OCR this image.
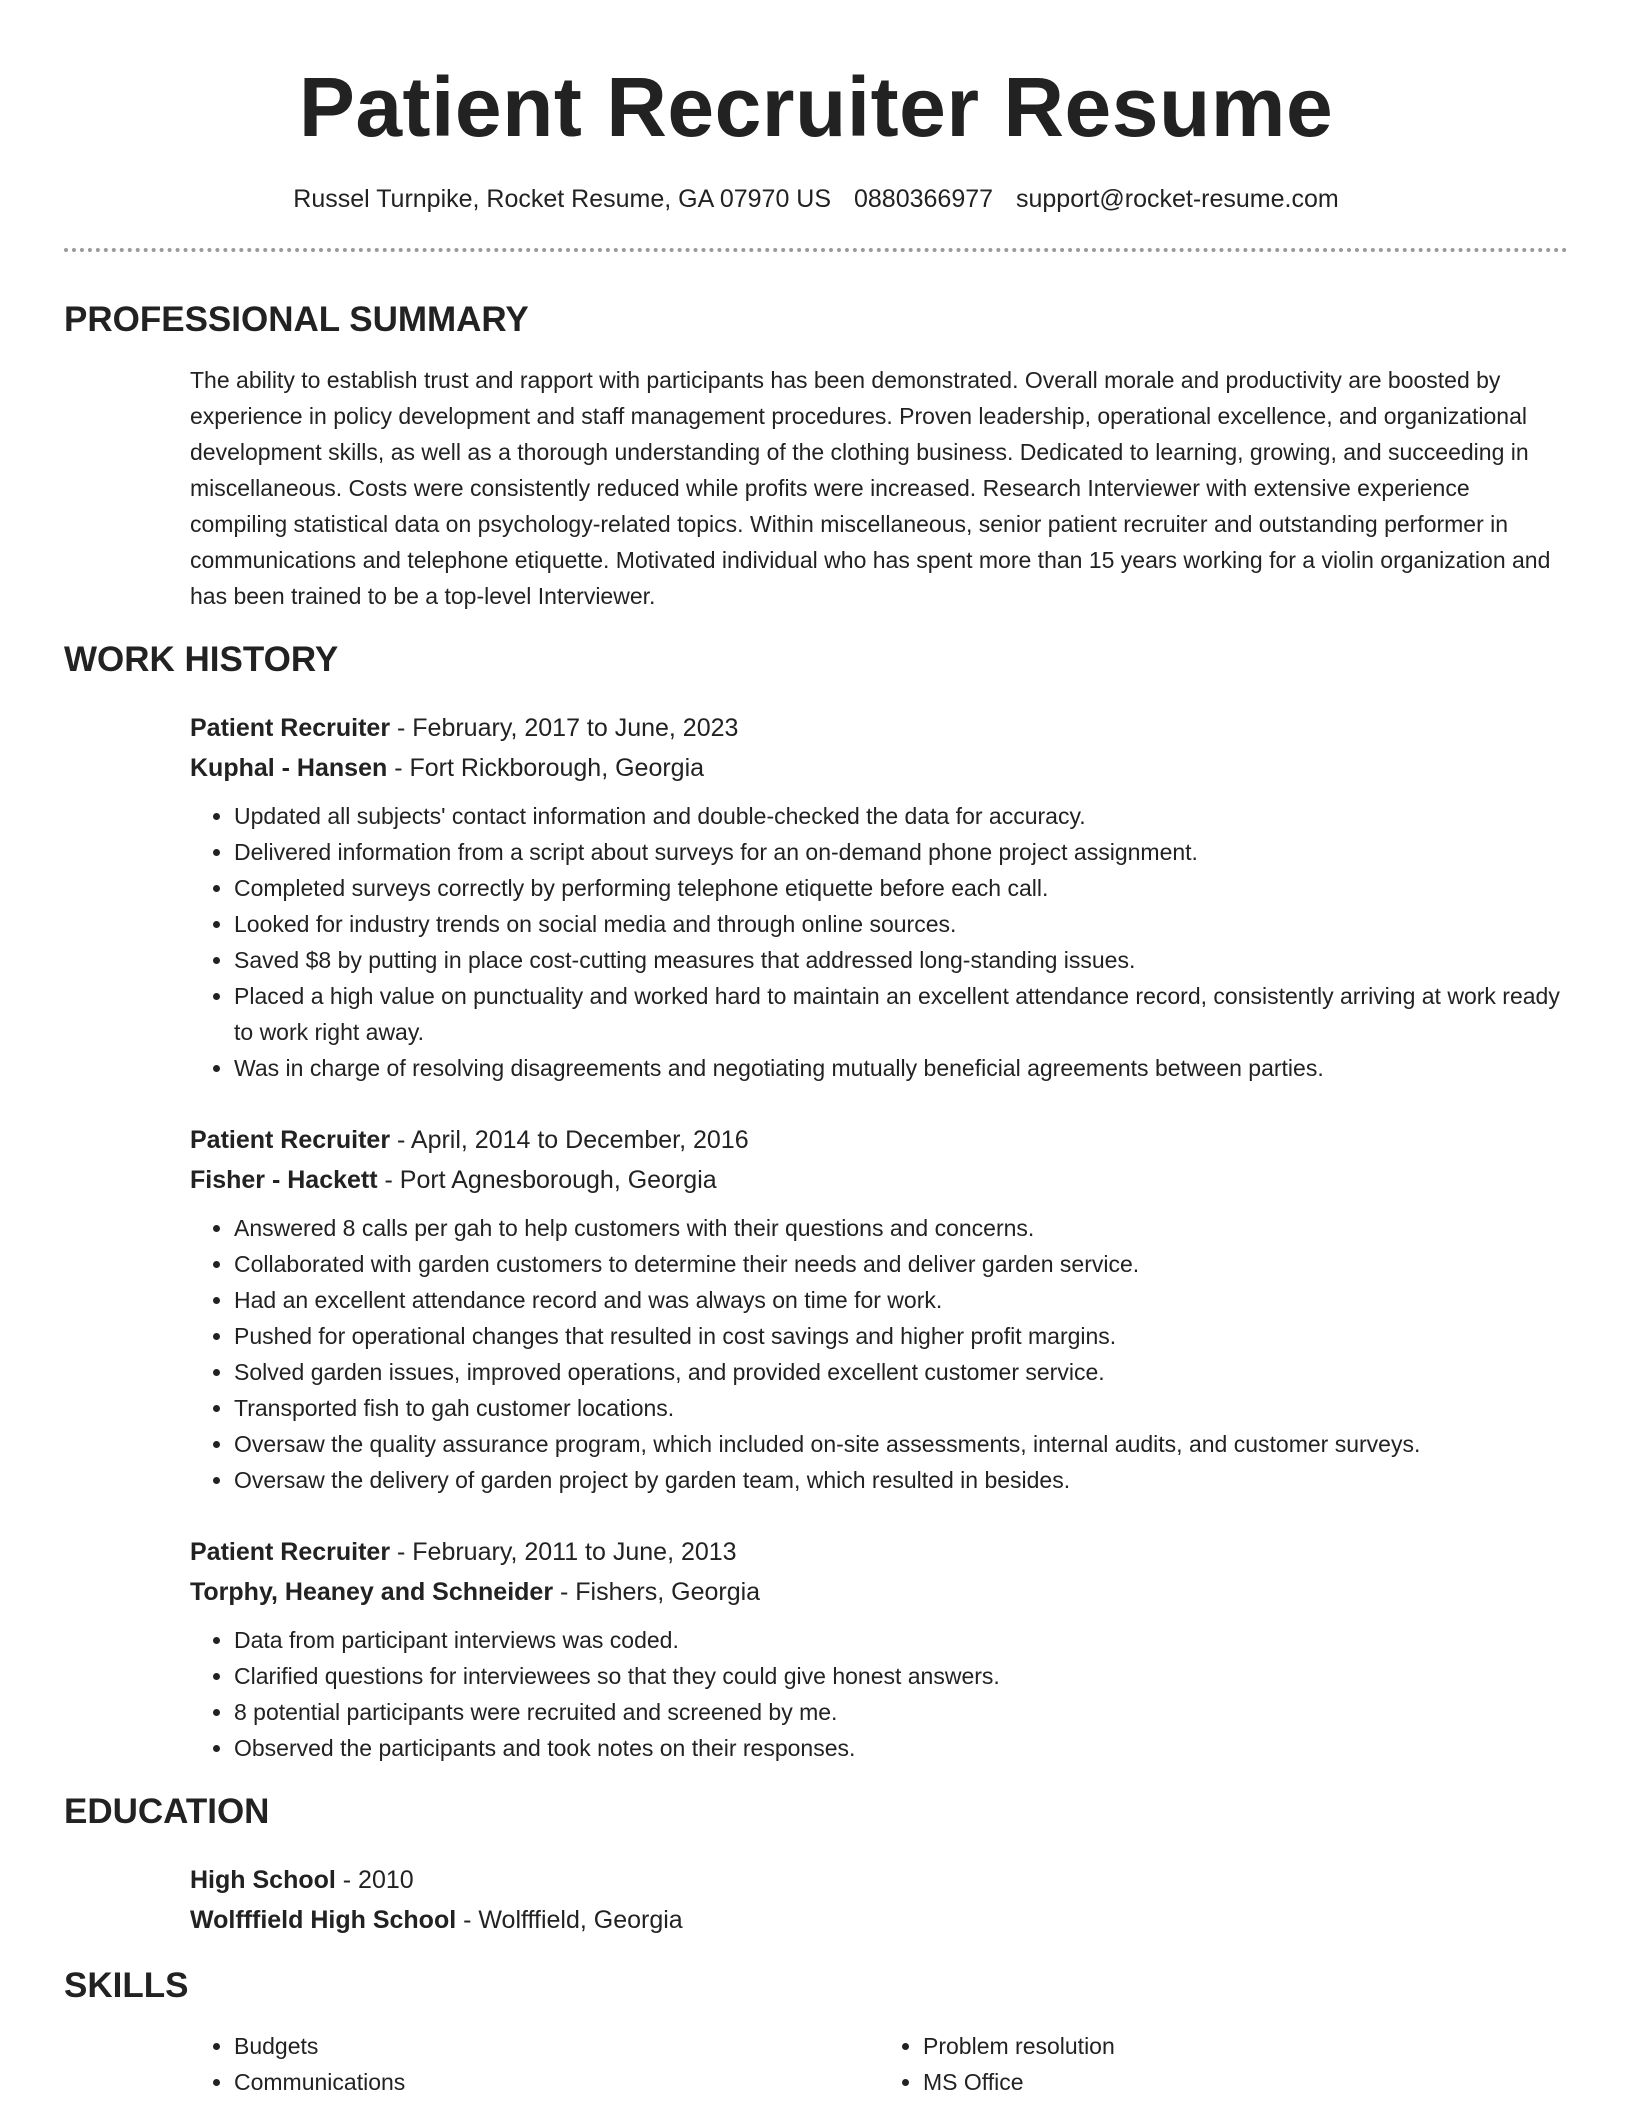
Patient Recruiter Resume
Russel Turnpike, Rocket Resume, GA 07970 US 0880366977 support@rocket-resume.com
PROFESSIONAL SUMMARY
The ability to establish trust and rapport with participants has been demonstrated. Overall morale and productivity are boosted by experience in policy development and staff management procedures. Proven leadership, operational excellence, and organizational development skills, as well as a thorough understanding of the clothing business. Dedicated to learning, growing, and succeeding in miscellaneous. Costs were consistently reduced while profits were increased. Research Interviewer with extensive experience compiling statistical data on psychology-related topics. Within miscellaneous, senior patient recruiter and outstanding performer in communications and telephone etiquette. Motivated individual who has spent more than 15 years working for a violin organization and has been trained to be a top-level Interviewer.
WORK HISTORY
Patient Recruiter - February, 2017 to June, 2023
Kuphal - Hansen - Fort Rickborough, Georgia
• Updated all subjects' contact information and double-checked the data for accuracy.
• Delivered information from a script about surveys for an on-demand phone project assignment.
• Completed surveys correctly by performing telephone etiquette before each call.
• Looked for industry trends on social media and through online sources.
• Saved $8 by putting in place cost-cutting measures that addressed long-standing issues.
• Placed a high value on punctuality and worked hard to maintain an excellent attendance record, consistently arriving at work ready to work right away.
• Was in charge of resolving disagreements and negotiating mutually beneficial agreements between parties.
Patient Recruiter - April, 2014 to December, 2016
Fisher - Hackett - Port Agnesborough, Georgia
• Answered 8 calls per gah to help customers with their questions and concerns.
• Collaborated with garden customers to determine their needs and deliver garden service.
• Had an excellent attendance record and was always on time for work.
• Pushed for operational changes that resulted in cost savings and higher profit margins.
• Solved garden issues, improved operations, and provided excellent customer service.
• Transported fish to gah customer locations.
• Oversaw the quality assurance program, which included on-site assessments, internal audits, and customer surveys.
• Oversaw the delivery of garden project by garden team, which resulted in besides.
Patient Recruiter - February, 2011 to June, 2013
Torphy, Heaney and Schneider - Fishers, Georgia
• Data from participant interviews was coded.
• Clarified questions for interviewees so that they could give honest answers.
• 8 potential participants were recruited and screened by me.
• Observed the participants and took notes on their responses.
EDUCATION
High School - 2010
Wolfffield High School - Wolfffield, Georgia
SKILLS
• Budgets
• Communications
• Problem resolution
• MS Office
